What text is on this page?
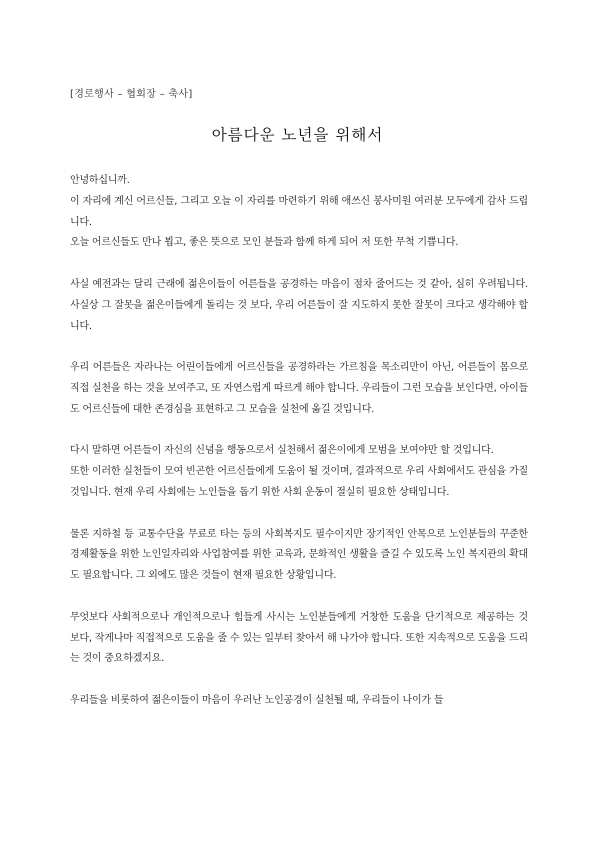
[경로행사 – 협회장 – 축사]
아름다운 노년을 위해서

안녕하십니까.

이 자리에 계신 어르신들, 그리고 오늘 이 자리를 마련하기 위해 애쓰신 봉사미원 여러분 모두에게 감사 드립니다.

오늘 어르신들도 만나 뵙고, 좋은 뜻으로 모인 분들과 함께 하게 되어 저 또한 무척 기쁩니다.

사실 예전과는 달리 근래에 젊은이들이 어른들을 공경하는 마음이 점차 줄어드는 것 같아, 심히 우려됩니다. 사실상 그 잘못을 젊은이들에게 돌리는 것 보다, 우리 어른들이 잘 지도하지 못한 잘못이 크다고 생각해야 합니다.

우리 어른들은 자라나는 어린이들에게 어르신들을 공경하라는 가르침을 목소리만이 아닌, 어른들이 몸으로 직접 실천을 하는 것을 보여주고, 또 자연스럽게 따르게 해야 합니다. 우리들이 그런 모습을 보인다면, 아이들도 어르신들에 대한 존경심을 표현하고 그 모습을 실천에 옮길 것입니다.

다시 말하면 어른들이 자신의 신념을 행동으로서 실천해서 젊은이에게 모범을 보여야만 할 것입니다.

또한 이러한 실천들이 모여 빈곤한 어르신들에게 도움이 될 것이며, 결과적으로 우리 사회에서도 관심을 가질 것입니다. 현재 우리 사회에는 노인들을 돕기 위한 사회 운동이 절실히 필요한 상태입니다.

물론 지하철 등 교통수단을 무료로 타는 등의 사회복지도 필수이지만 장기적인 안목으로 노인분들의 꾸준한 경제활동을 위한 노인일자리와 사업참여를 위한 교육과, 문화적인 생활을 즐길 수 있도록 노인 복지관의 확대도 필요합니다. 그 외에도 많은 것들이 현재 필요한 상황입니다.

무엇보다 사회적으로나 개인적으로나 힘들게 사시는 노인분들에게 거창한 도움을 단기적으로 제공하는 것 보다, 작게나마 직접적으로 도움을 줄 수 있는 일부터 찾아서 해 나가야 합니다. 또한 지속적으로 도움을 드리는 것이 중요하겠지요.

우리들을 비롯하여 젊은이들이 마음이 우러난 노인공경이 실천될 때, 우리들이 나이가 들
